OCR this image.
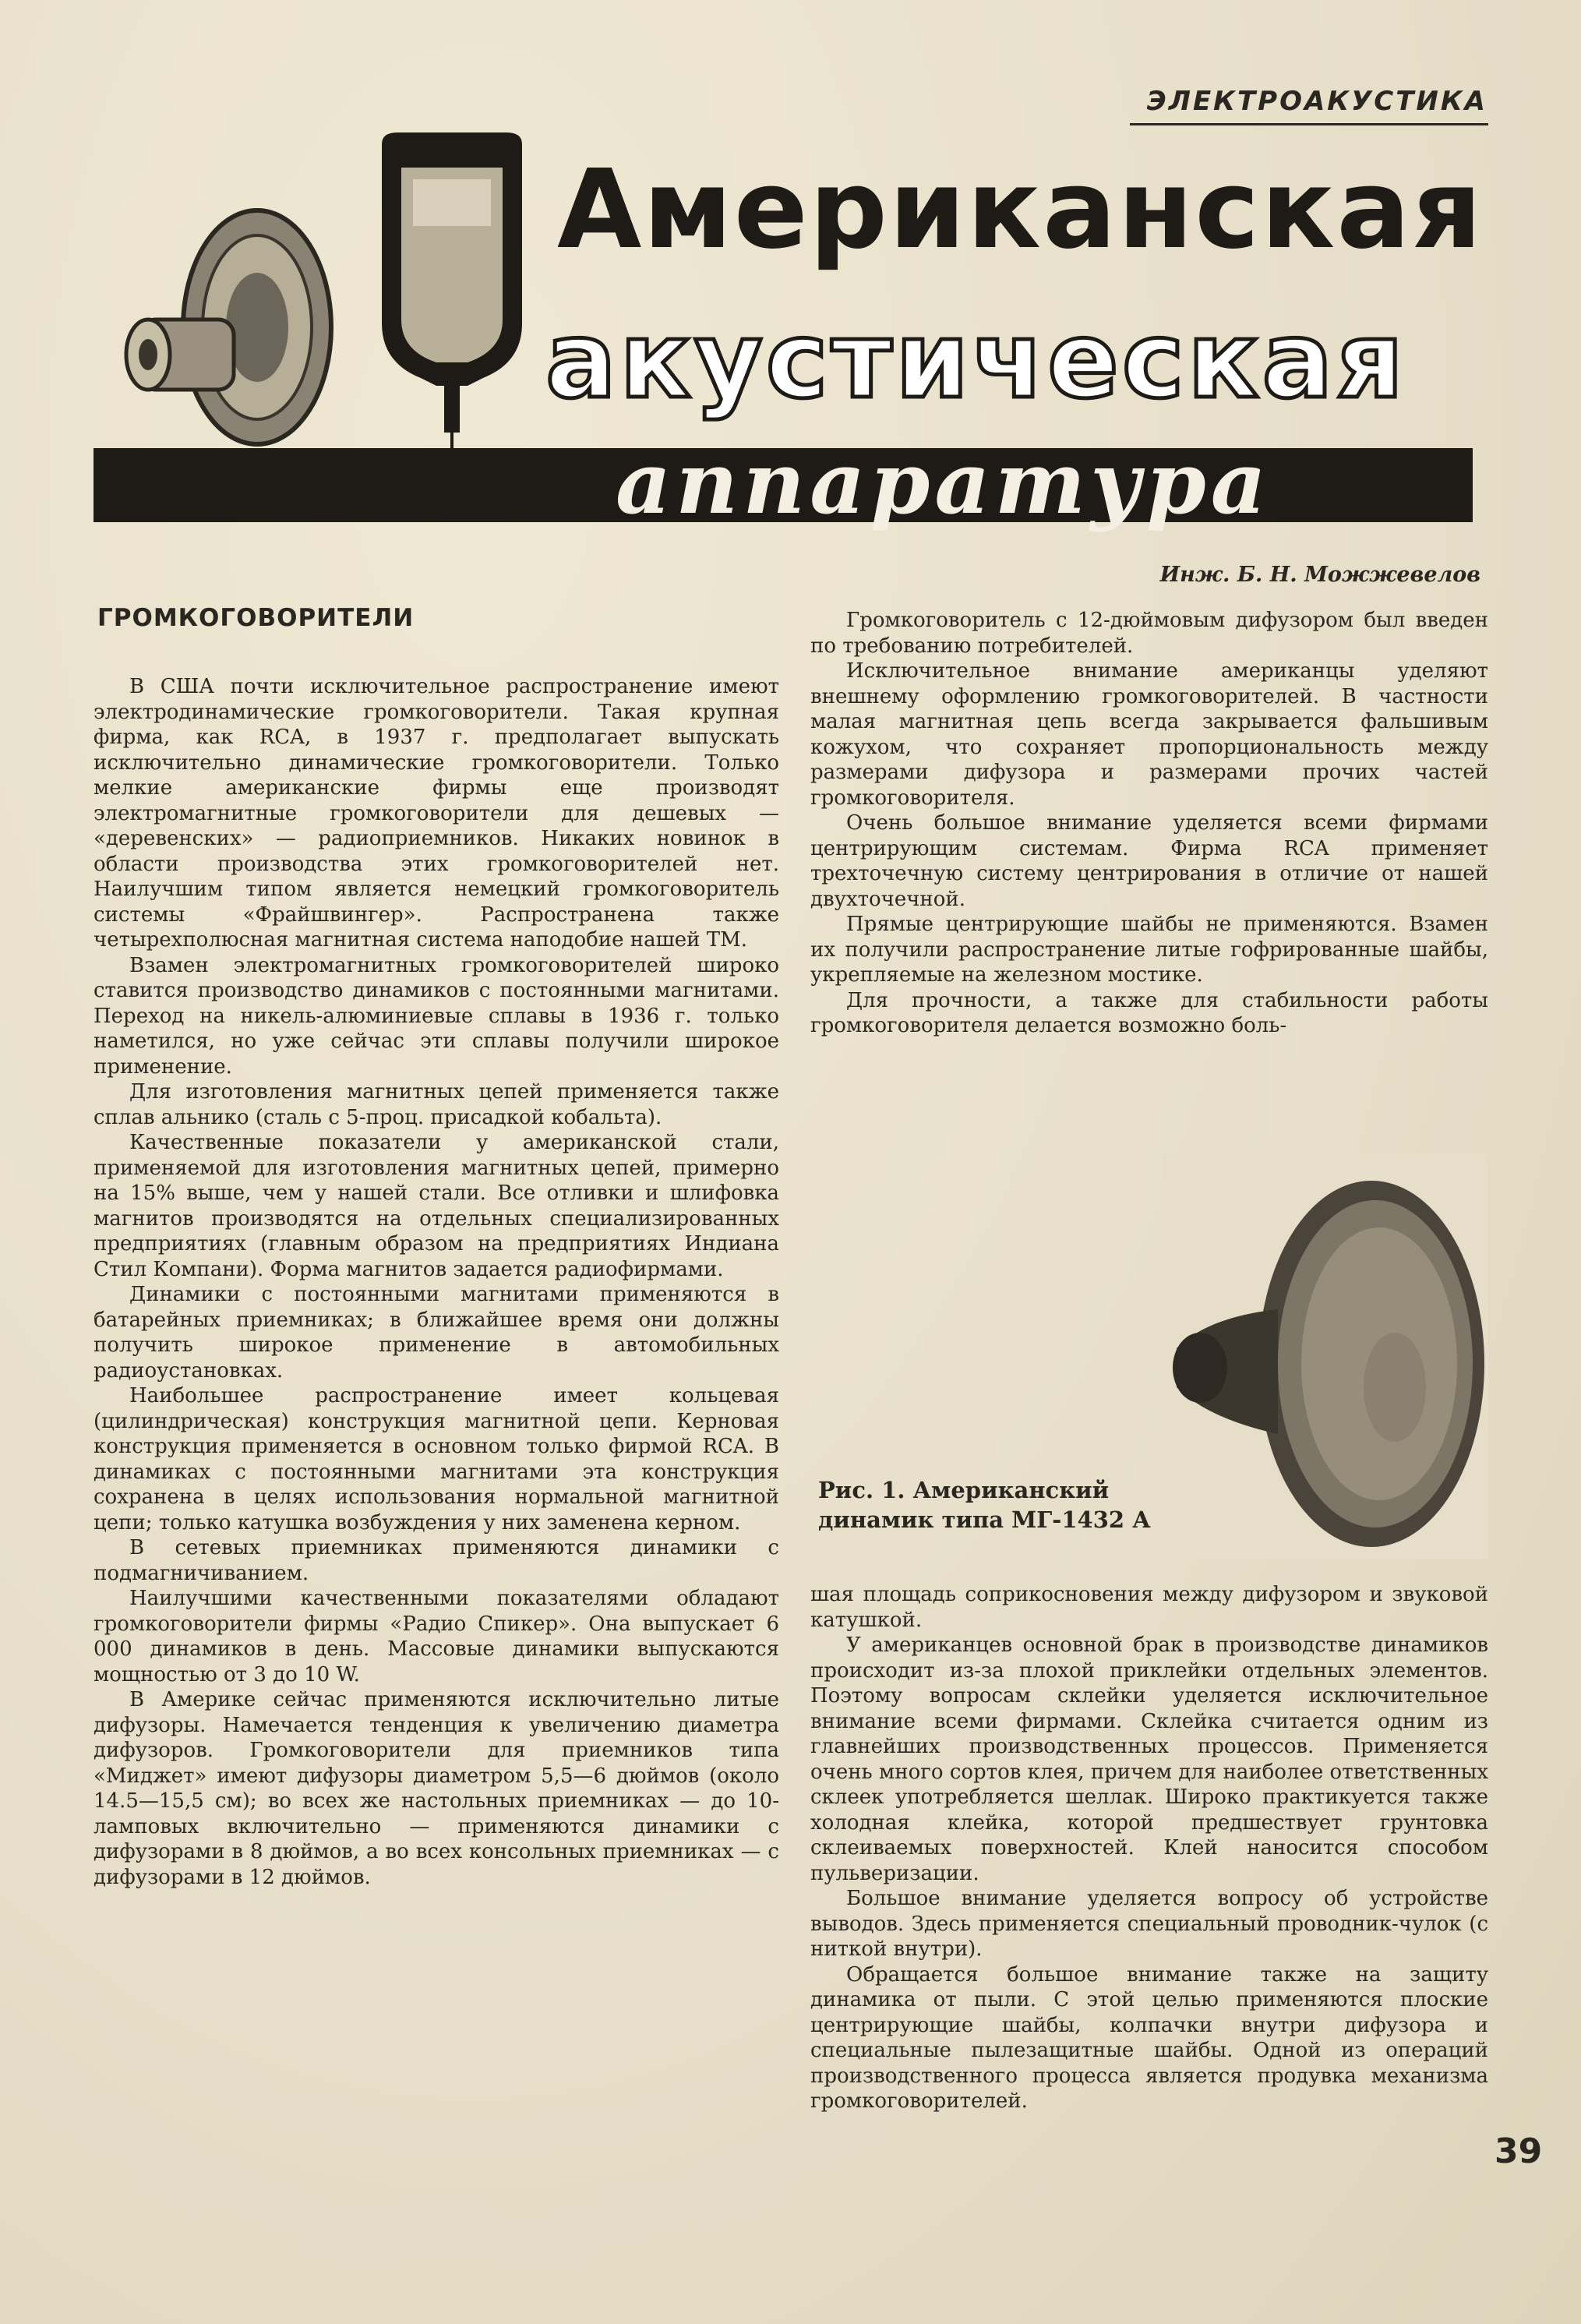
ЭЛЕКТРОАКУСТИКА
Американская
акустическая
аппаратура
Инж. Б. Н. Можжевелов
ГРОМКОГОВОРИТЕЛИ

В США почти исключительное распространение имеют электродинамические громкоговорители. Такая крупная фирма, как RCA, в 1937 г. предполагает выпускать исключительно динамические громкоговорители. Только мелкие американские фирмы еще производят электромагнитные громкоговорители для дешевых — «деревенских» — радиоприемников. Никаких новинок в области производства этих громкоговорителей нет. Наилучшим типом является немецкий громкоговоритель системы «Фрайшвингер». Распространена также четырехполюсная магнитная система наподобие нашей ТМ.

Взамен электромагнитных громкоговорителей широко ставится производство динамиков с постоянными магнитами. Переход на никель-алюминиевые сплавы в 1936 г. только наметился, но уже сейчас эти сплавы получили широкое применение.

Для изготовления магнитных цепей применяется также сплав альнико (сталь с 5-проц. присадкой кобальта).

Качественные показатели у американской стали, применяемой для изготовления магнитных цепей, примерно на 15% выше, чем у нашей стали. Все отливки и шлифовка магнитов производятся на отдельных специализированных предприятиях (главным образом на предприятиях Индиана Стил Компани). Форма магнитов задается радиофирмами.

Динамики с постоянными магнитами применяются в батарейных приемниках; в ближайшее время они должны получить широкое применение в автомобильных радиоустановках.

Наибольшее распространение имеет кольцевая (цилиндрическая) конструкция магнитной цепи. Керновая конструкция применяется в основном только фирмой RCA. В динамиках с постоянными магнитами эта конструкция сохранена в целях использования нормальной магнитной цепи; только катушка возбуждения у них заменена керном.

В сетевых приемниках применяются динамики с подмагничиванием.

Наилучшими качественными показателями обладают громкоговорители фирмы «Радио Спикер». Она выпускает 6 000 динамиков в день. Массовые динамики выпускаются мощностью от 3 до 10 W.

В Америке сейчас применяются исключительно литые дифузоры. Намечается тенденция к увеличению диаметра дифузоров. Громкоговорители для приемников типа «Миджет» имеют дифузоры диаметром 5,5—6 дюймов (около 14.5—15,5 см); во всех же настольных приемниках — до 10-ламповых включительно — применяются динамики с дифузорами в 8 дюймов, а во всех консольных приемниках — с дифузорами в 12 дюймов.

Громкоговоритель с 12-дюймовым дифузором был введен по требованию потребителей.

Исключительное внимание американцы уделяют внешнему оформлению громкоговорителей. В частности малая магнитная цепь всегда закрывается фальшивым кожухом, что сохраняет пропорциональность между размерами дифузора и размерами прочих частей громкоговорителя.

Очень большое внимание уделяется всеми фирмами центрирующим системам. Фирма RCA применяет трехточечную систему центрирования в отличие от нашей двухточечной.

Прямые центрирующие шайбы не применяются. Взамен их получили распространение литые гофрированные шайбы, укрепляемые на железном мостике.

Для прочности, а также для стабильности работы громкоговорителя делается возможно боль-

Рис. 1. Американский динамик типа МГ-1432 А

шая площадь соприкосновения между дифузором и звуковой катушкой.

У американцев основной брак в производстве динамиков происходит из-за плохой приклейки отдельных элементов. Поэтому вопросам склейки уделяется исключительное внимание всеми фирмами. Склейка считается одним из главнейших производственных процессов. Применяется очень много сортов клея, причем для наиболее ответственных склеек употребляется шеллак. Широко практикуется также холодная клейка, которой предшествует грунтовка склеиваемых поверхностей. Клей наносится способом пульверизации.

Большое внимание уделяется вопросу об устройстве выводов. Здесь применяется специальный проводник-чулок (с ниткой внутри).

Обращается большое внимание также на защиту динамика от пыли. С этой целью применяются плоские центрирующие шайбы, колпачки внутри дифузора и специальные пылезащитные шайбы. Одной из операций производственного процесса является продувка механизма громкоговорителей.

39
